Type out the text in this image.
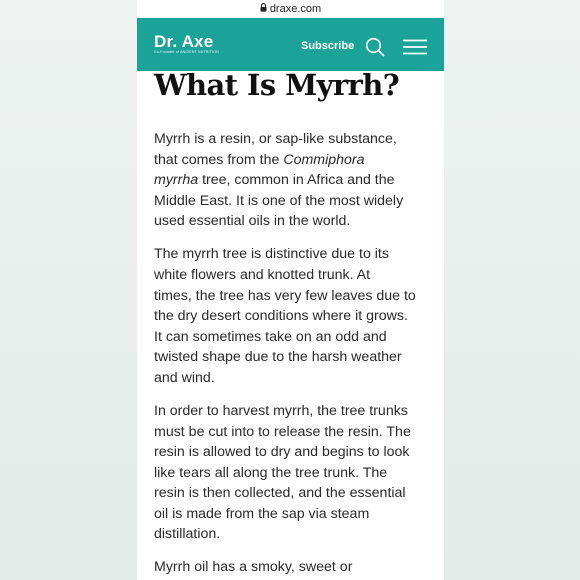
draxe.com
Dr. Axe
Co-Founder of ANCIENT NUTRITION	Subscribe
What Is Myrrh?

Myrrh is a resin, or sap-like substance,
that comes from the Commiphora
myrrha tree, common in Africa and the
Middle East. It is one of the most widely
used essential oils in the world.

The myrrh tree is distinctive due to its
white flowers and knotted trunk. At
times, the tree has very few leaves due to
the dry desert conditions where it grows.
It can sometimes take on an odd and
twisted shape due to the harsh weather
and wind.

In order to harvest myrrh, the tree trunks
must be cut into to release the resin. The
resin is allowed to dry and begins to look
like tears all along the tree trunk. The
resin is then collected, and the essential
oil is made from the sap via steam
distillation.

Myrrh oil has a smoky, sweet or
